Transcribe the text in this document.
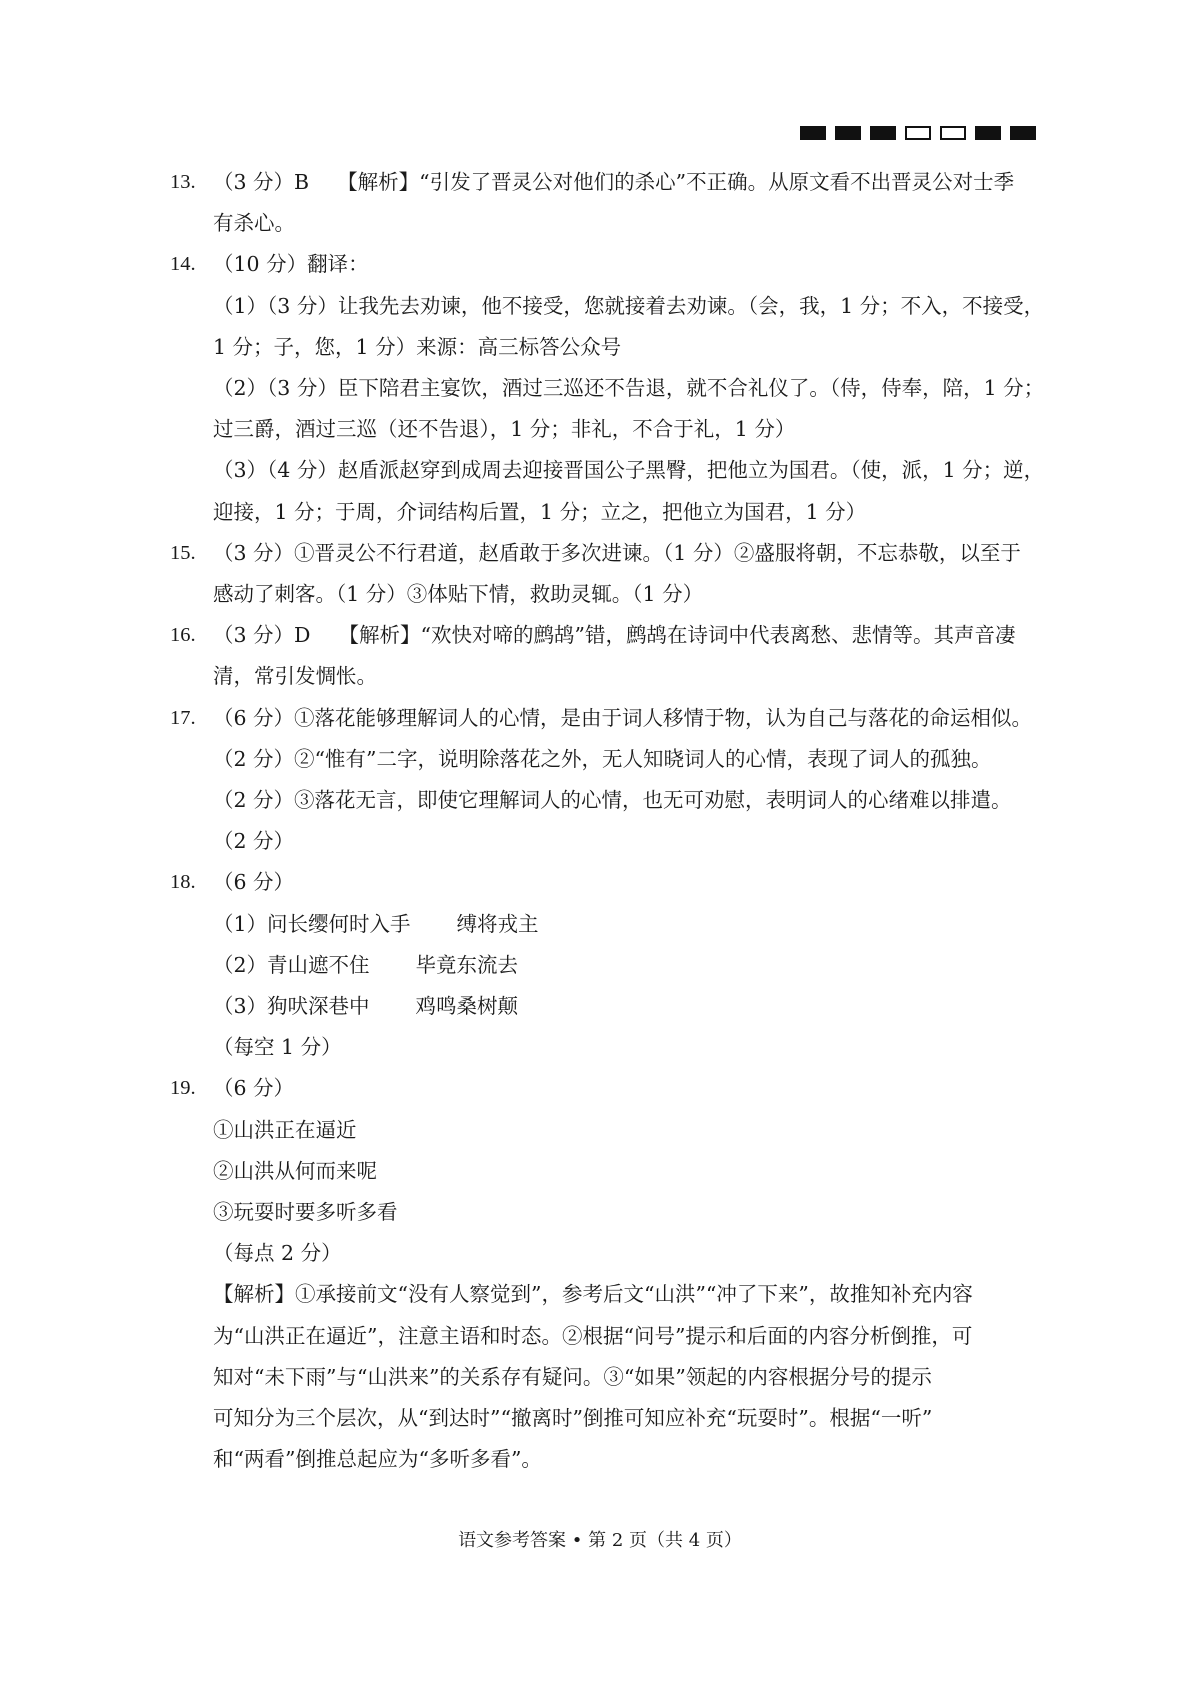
13. （3 分）B 【解析】“引发了晋灵公对他们的杀心”不正确。从原文看不出晋灵公对士季
有杀心。
14. （10 分）翻译：
（1）（3 分）让我先去劝谏，他不接受，您就接着去劝谏。（会，我，1 分；不入，不接受，
1 分；子，您，1 分）来源：高三标答公众号
（2）（3 分）臣下陪君主宴饮，酒过三巡还不告退，就不合礼仪了。（侍，侍奉，陪，1 分；
过三爵，酒过三巡（还不告退），1 分；非礼，不合于礼，1 分）
（3）（4 分）赵盾派赵穿到成周去迎接晋国公子黑臀，把他立为国君。（使，派，1 分；逆，
迎接，1 分；于周，介词结构后置，1 分；立之，把他立为国君，1 分）
15. （3 分）①晋灵公不行君道，赵盾敢于多次进谏。（1 分）②盛服将朝，不忘恭敬，以至于
感动了刺客。（1 分）③体贴下情，救助灵辄。（1 分）
16. （3 分）D 【解析】“欢快对啼的鹧鸪”错，鹧鸪在诗词中代表离愁、悲情等。其声音凄
清，常引发惆怅。
17. （6 分）①落花能够理解词人的心情，是由于词人移情于物，认为自己与落花的命运相似。
（2 分）②“惟有”二字，说明除落花之外，无人知晓词人的心情，表现了词人的孤独。
（2 分）③落花无言，即使它理解词人的心情，也无可劝慰，表明词人的心绪难以排遣。
（2 分）
18. （6 分）
（1）问长缨何时入手 缚将戎主
（2）青山遮不住 毕竟东流去
（3）狗吠深巷中 鸡鸣桑树颠
（每空 1 分）
19. （6 分）
①山洪正在逼近
②山洪从何而来呢
③玩耍时要多听多看
（每点 2 分）
【解析】①承接前文“没有人察觉到”，参考后文“山洪”“冲了下来”，故推知补充内容
为“山洪正在逼近”，注意主语和时态。②根据“问号”提示和后面的内容分析倒推，可
知对“未下雨”与“山洪来”的关系存有疑问。③“如果”领起的内容根据分号的提示
可知分为三个层次，从“到达时”“撤离时”倒推可知应补充“玩耍时”。根据“一听”
和“两看”倒推总起应为“多听多看”。
语文参考答案 • 第 2 页（共 4 页）
